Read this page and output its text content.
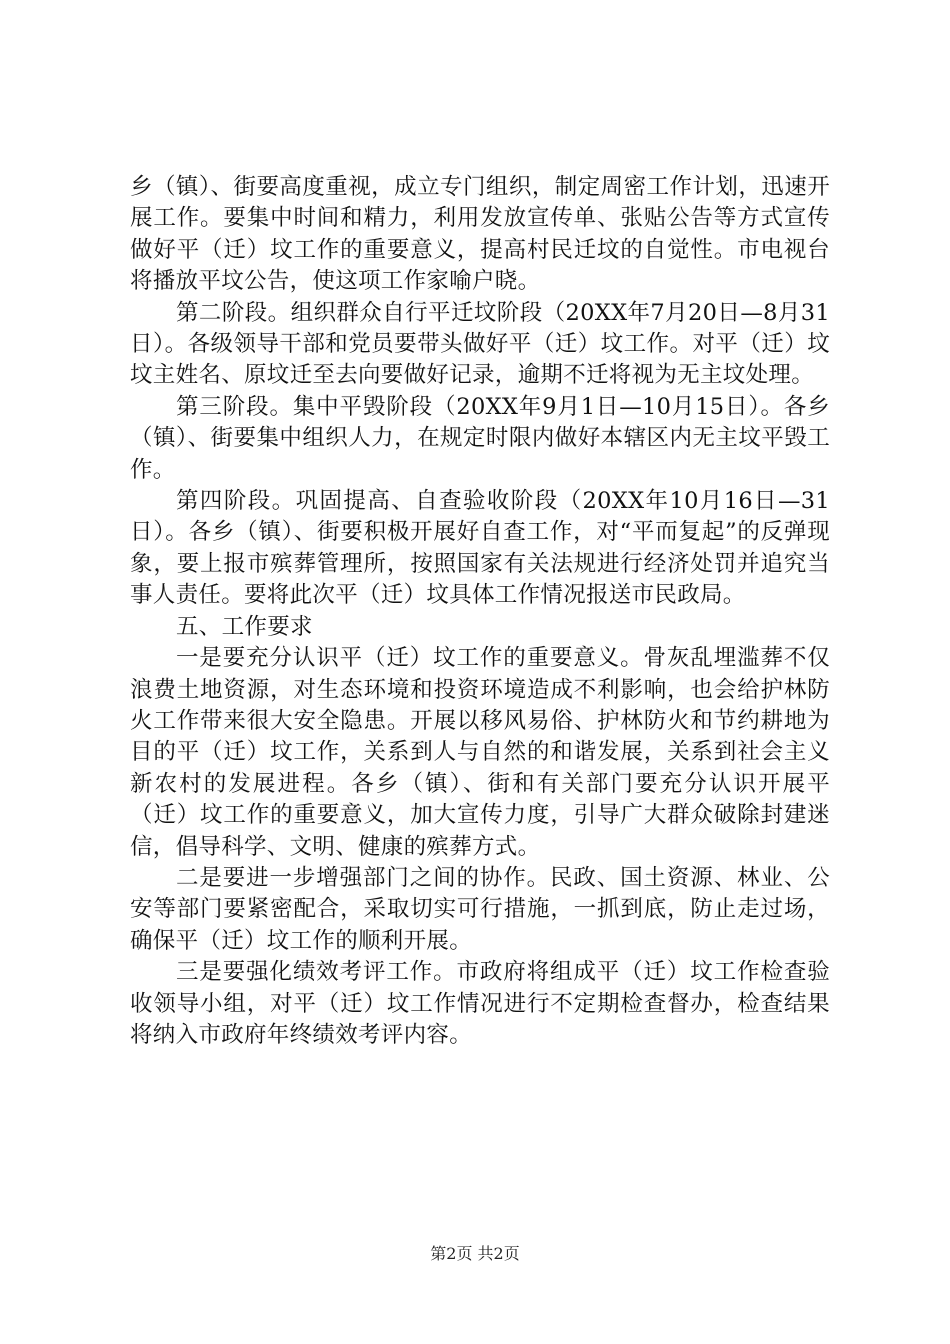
乡（镇）、街要高度重视，成立专门组织，制定周密工作计划，迅速开展工作。要集中时间和精力，利用发放宣传单、张贴公告等方式宣传做好平（迁）坟工作的重要意义，提高村民迁坟的自觉性。市电视台将播放平坟公告，使这项工作家喻户晓。

第二阶段。组织群众自行平迁坟阶段（20XX年7月20日—8月31日）。各级领导干部和党员要带头做好平（迁）坟工作。对平（迁）坟坟主姓名、原坟迁至去向要做好记录，逾期不迁将视为无主坟处理。

第三阶段。集中平毁阶段（20XX年9月1日—10月15日）。各乡（镇）、街要集中组织人力，在规定时限内做好本辖区内无主坟平毁工作。

第四阶段。巩固提高、自查验收阶段（20XX年10月16日—31日）。各乡（镇）、街要积极开展好自查工作，对“平而复起”的反弹现象，要上报市殡葬管理所，按照国家有关法规进行经济处罚并追究当事人责任。要将此次平（迁）坟具体工作情况报送市民政局。

五、工作要求

一是要充分认识平（迁）坟工作的重要意义。骨灰乱埋滥葬不仅浪费土地资源，对生态环境和投资环境造成不利影响，也会给护林防火工作带来很大安全隐患。开展以移风易俗、护林防火和节约耕地为目的平（迁）坟工作，关系到人与自然的和谐发展，关系到社会主义新农村的发展进程。各乡（镇）、街和有关部门要充分认识开展平（迁）坟工作的重要意义，加大宣传力度，引导广大群众破除封建迷信，倡导科学、文明、健康的殡葬方式。

二是要进一步增强部门之间的协作。民政、国土资源、林业、公安等部门要紧密配合，采取切实可行措施，一抓到底，防止走过场，确保平（迁）坟工作的顺利开展。

三是要强化绩效考评工作。市政府将组成平（迁）坟工作检查验收领导小组，对平（迁）坟工作情况进行不定期检查督办，检查结果将纳入市政府年终绩效考评内容。

第2页 共2页
